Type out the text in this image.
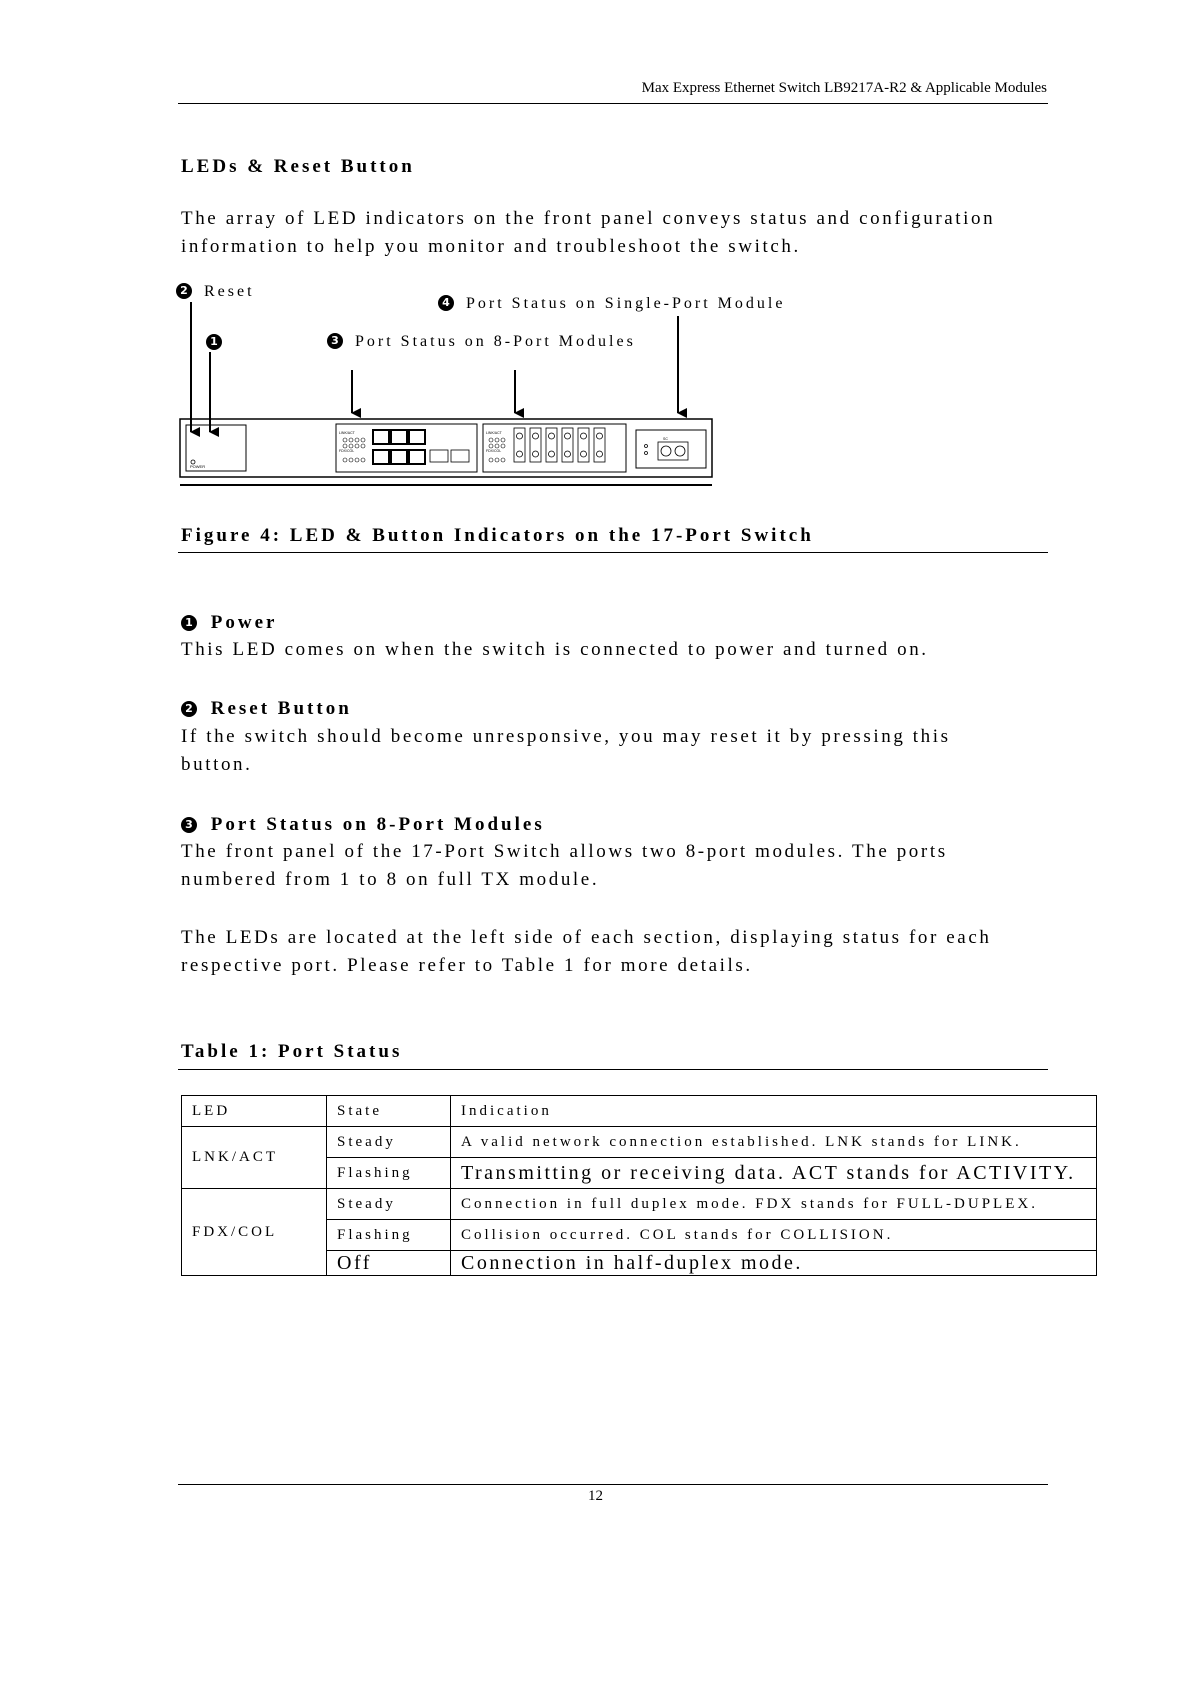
Max Express Ethernet Switch LB9217A-R2 & Applicable Modules
LEDs & Reset Button
The array of LED indicators on the front panel conveys status and configuration
information to help you monitor and troubleshoot the switch.
2 Reset
4 Port Status on Single-Port Module
1	3 Port Status on 8-Port Modules
POWER
LINK/ACT
FDX/COL
LINK/ACT
FDX/COL
SC
Figure 4: LED & Button Indicators on the 17-Port Switch
1 Power
This LED comes on when the switch is connected to power and turned on.
2 Reset Button
If the switch should become unresponsive, you may reset it by pressing this
button.
3 Port Status on 8-Port Modules
The front panel of the 17-Port Switch allows two 8-port modules. The ports
numbered from 1 to 8 on full TX module.
The LEDs are located at the left side of each section, displaying status for each
respective port. Please refer to Table 1 for more details.
Table 1: Port Status
LED	State	Indication
LNK/ACT	Steady	A valid network connection established. LNK stands for LINK.
	Flashing	Transmitting or receiving data. ACT stands for ACTIVITY.
FDX/COL	Steady	Connection in full duplex mode. FDX stands for FULL-DUPLEX.
	Flashing	Collision occurred. COL stands for COLLISION.
	Off	Connection in half-duplex mode.
12
